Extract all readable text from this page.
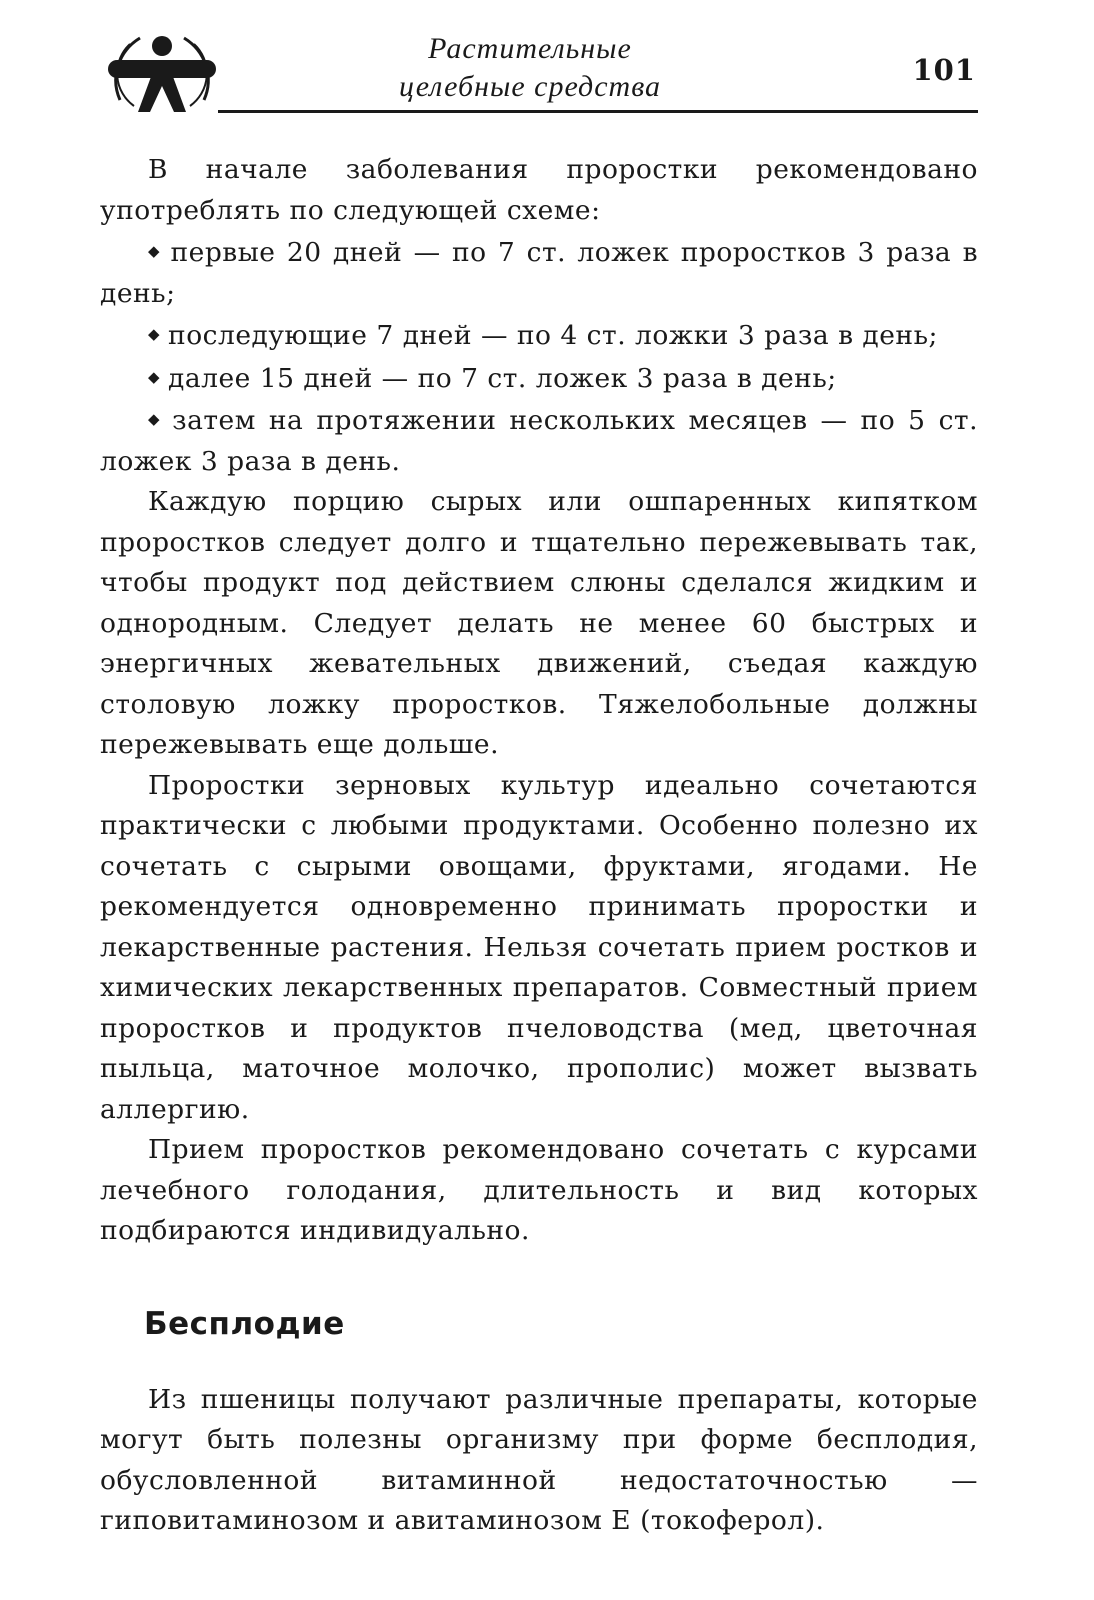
Растительные
целебные средства	101

В начале заболевания проростки рекомендовано употреблять по следующей схеме:

◆ первые 20 дней — по 7 ст. ложек проростков 3 раза в день;

◆ последующие 7 дней — по 4 ст. ложки 3 раза в день;

◆ далее 15 дней — по 7 ст. ложек 3 раза в день;

◆ затем на протяжении нескольких месяцев — по 5 ст. ложек 3 раза в день.

Каждую порцию сырых или ошпаренных кипятком проростков следует долго и тщательно пережевывать так, чтобы продукт под действием слюны сделался жидким и однородным. Следует делать не менее 60 быстрых и энергичных жевательных движений, съедая каждую столовую ложку проростков. Тяжелобольные должны пережевывать еще дольше.

Проростки зерновых культур идеально сочетаются практически с любыми продуктами. Особенно полезно их сочетать с сырыми овощами, фруктами, ягодами. Не рекомендуется одновременно принимать проростки и лекарственные растения. Нельзя сочетать прием ростков и химических лекарственных препаратов. Совместный прием проростков и продуктов пчеловодства (мед, цветочная пыльца, маточное молочко, прополис) может вызвать аллергию.

Прием проростков рекомендовано сочетать с курсами лечебного голодания, длительность и вид которых подбираются индивидуально.

Бесплодие

Из пшеницы получают различные препараты, которые могут быть полезны организму при форме бесплодия, обусловленной витаминной недостаточностью — гиповитаминозом и авитаминозом E (токоферол).
